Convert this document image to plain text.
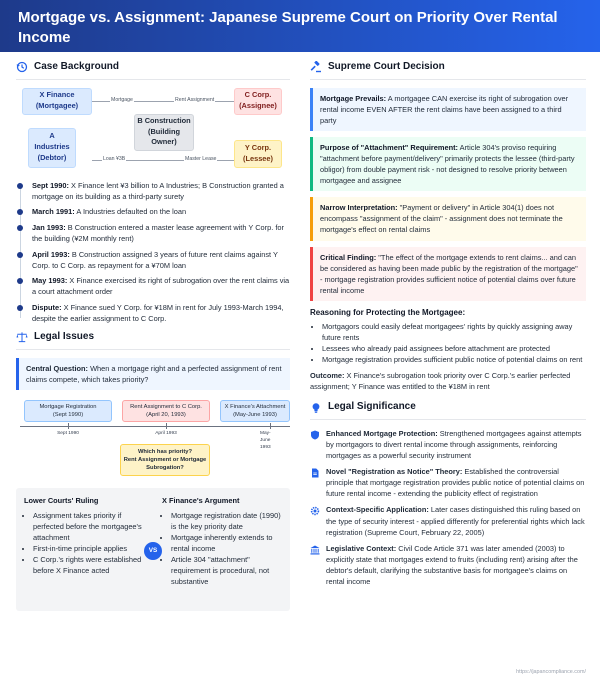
Mortgage vs. Assignment: Japanese Supreme Court on Priority Over Rental Income
Supreme Court of Japan, January 30, 1998
Case Background
Mortgage	Rent Assignment
Loan ¥3B	Master Lease
X Finance
(Mortgagee)
C Corp.
(Assignee)
B Construction
(Building
Owner)
A
Industries
(Debtor)
Y Corp.
(Lessee)
Sept 1990: X Finance lent ¥3 billion to A Industries; B Construction granted a mortgage on its building as a third-party surety
March 1991: A Industries defaulted on the loan
Jan 1993: B Construction entered a master lease agreement with Y Corp. for the building (¥2M monthly rent)
April 1993: B Construction assigned 3 years of future rent claims against Y Corp. to C Corp. as repayment for a ¥70M loan
May 1993: X Finance exercised its right of subrogation over the rent claims via a court attachment order
Dispute: X Finance sued Y Corp. for ¥18M in rent for July 1993-March 1994, despite the earlier assignment to C Corp.
Legal Issues
Central Question: When a mortgage right and a perfected assignment of rent claims compete, which takes priority?
Mortgage Registration
(Sept 1990)
Rent Assignment to C Corp.
(April 20, 1993)
X Finance's Attachment
(May-June 1993)
Sept 1990	April 1993	May-June 1993
Which has priority?
Rent Assignment or Mortgage
Subrogation?
Lower Courts' Ruling
• Assignment takes priority if perfected before the mortgagee's attachment
• First-in-time principle applies
• C Corp.'s rights were established before X Finance acted
VS
X Finance's Argument
• Mortgage registration date (1990) is the key priority date
• Mortgage inherently extends to rental income
• Article 304 "attachment" requirement is procedural, not substantive
Supreme Court Decision
Mortgage Prevails: A mortgagee CAN exercise its right of subrogation over rental income EVEN AFTER the rent claims have been assigned to a third party
Purpose of "Attachment" Requirement: Article 304's proviso requiring "attachment before payment/delivery" primarily protects the lessee (third-party obligor) from double payment risk - not designed to resolve priority between mortgagee and assignee
Narrow Interpretation: "Payment or delivery" in Article 304(1) does not encompass "assignment of the claim" - assignment does not terminate the mortgage's effect on rental claims
Critical Finding: "The effect of the mortgage extends to rent claims... and can be considered as having been made public by the registration of the mortgage" - mortgage registration provides sufficient notice of potential claims over future rental income
Reasoning for Protecting the Mortgagee:
• Mortgagors could easily defeat mortgagees' rights by quickly assigning away future rents
• Lessees who already paid assignees before attachment are protected
• Mortgage registration provides sufficient public notice of potential claims on rent
Outcome: X Finance's subrogation took priority over C Corp.'s earlier perfected assignment; Y Finance was entitled to the ¥18M in rent
Legal Significance
Enhanced Mortgage Protection: Strengthened mortgagees against attempts by mortgagors to divert rental income through assignments, reinforcing mortgages as a powerful security instrument
Novel "Registration as Notice" Theory: Established the controversial principle that mortgage registration provides public notice of potential claims on future rental income - extending the publicity effect of registration
Context-Specific Application: Later cases distinguished this ruling based on the type of security interest - applied differently for preferential rights which lack registration (Supreme Court, February 22, 2005)
Legislative Context: Civil Code Article 371 was later amended (2003) to explicitly state that mortgages extend to fruits (including rent) arising after the debtor's default, clarifying the substantive basis for mortgagee's claims on rental income
https://japancompliance.com/
